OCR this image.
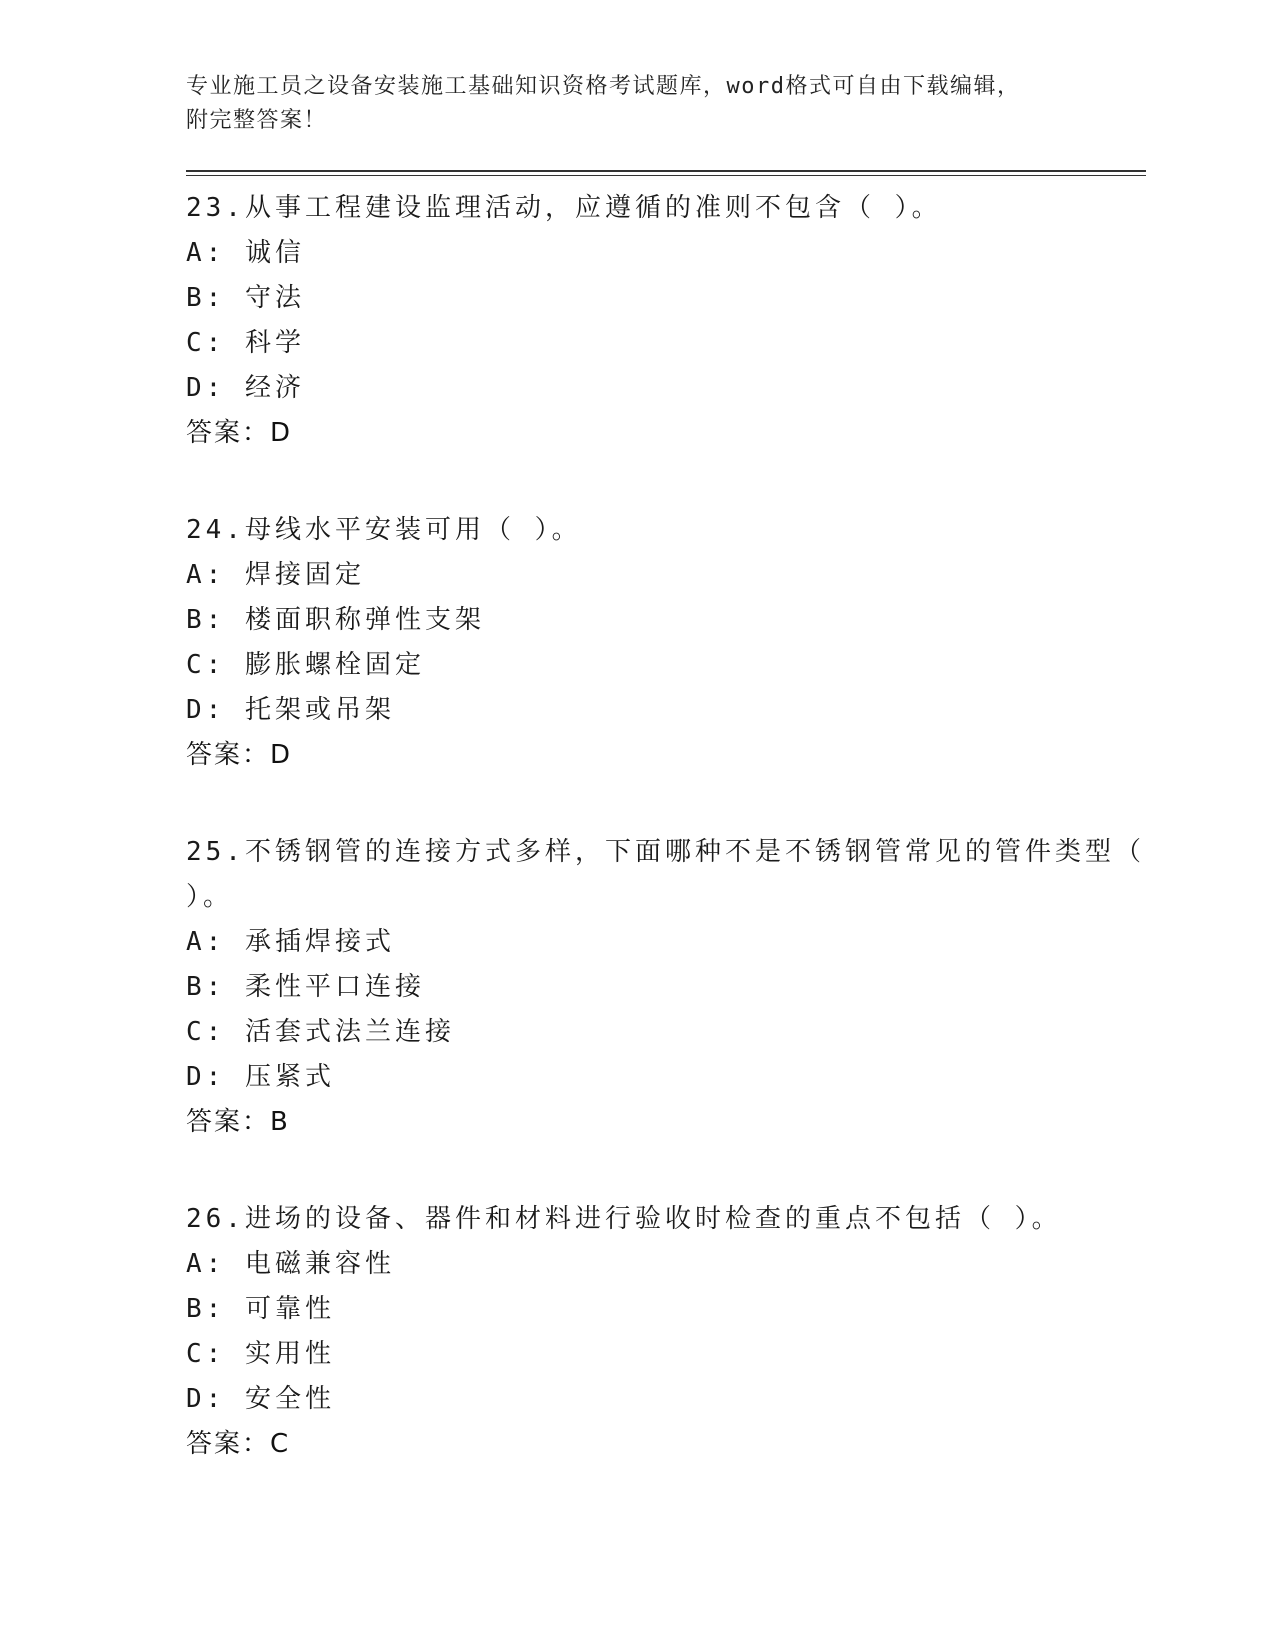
专业施工员之设备安装施工基础知识资格考试题库，word格式可自由下载编辑，
附完整答案！
23.从事工程建设监理活动，应遵循的准则不包含（ ）。
A: 诚信
B: 守法
C: 科学
D: 经济
答案：D
24.母线水平安装可用（ ）。
A: 焊接固定
B: 楼面职称弹性支架
C: 膨胀螺栓固定
D: 托架或吊架
答案：D
25.不锈钢管的连接方式多样，下面哪种不是不锈钢管常见的管件类型（ ）。
A: 承插焊接式
B: 柔性平口连接
C: 活套式法兰连接
D: 压紧式
答案：B
26.进场的设备、器件和材料进行验收时检查的重点不包括（ ）。
A: 电磁兼容性
B: 可靠性
C: 实用性
D: 安全性
答案：C
